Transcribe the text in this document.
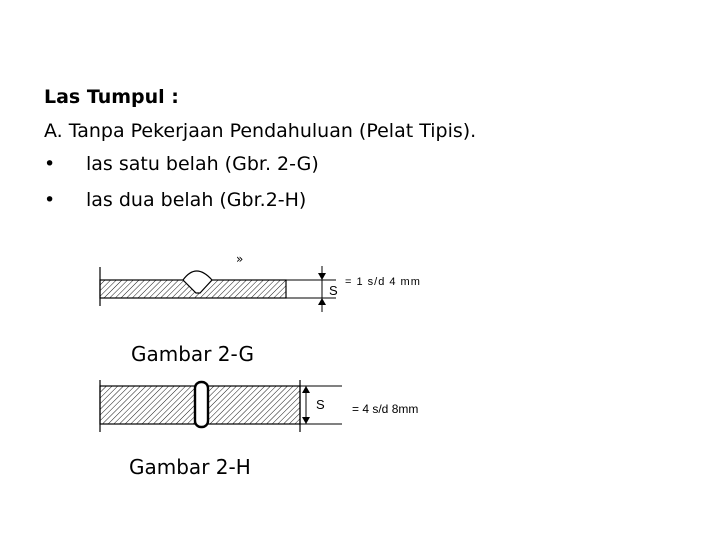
Las Tumpul :
A. Tanpa Pekerjaan Pendahuluan (Pelat Tipis).
• las satu belah (Gbr. 2-G)
• las dua belah (Gbr.2-H)
»
S
= 1 s/d 4 mm
Gambar 2-G
S = 4 s/d 8mm
Gambar 2-H
